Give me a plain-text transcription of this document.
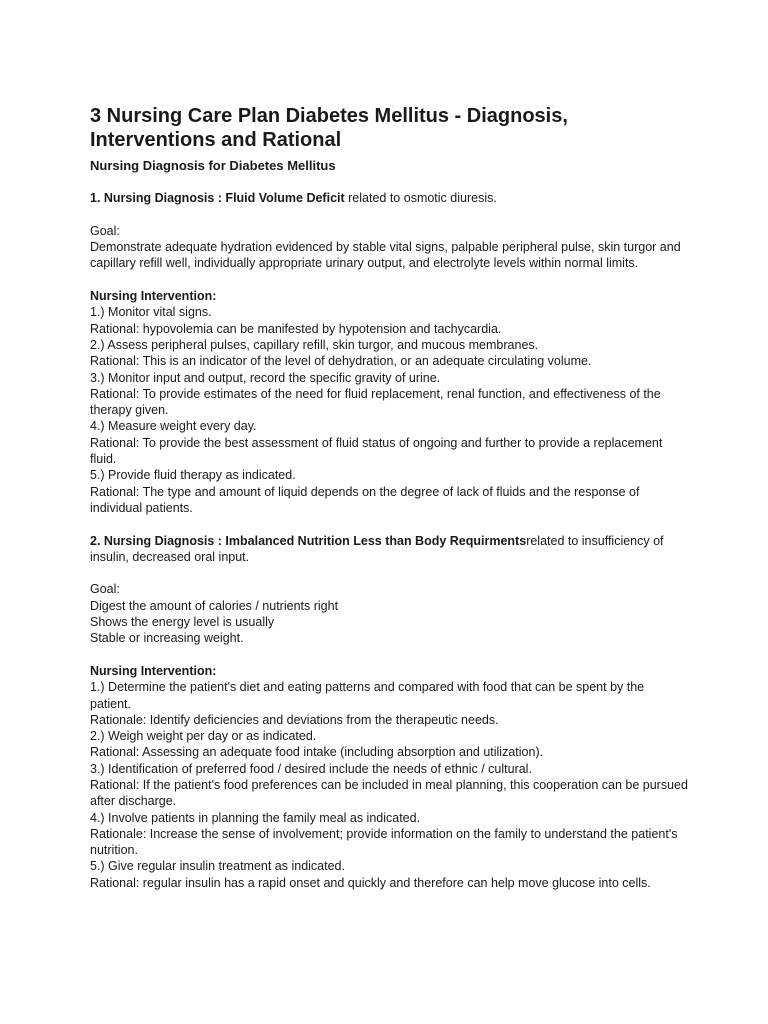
3 Nursing Care Plan Diabetes Mellitus - Diagnosis, Interventions and Rational

Nursing Diagnosis for Diabetes Mellitus

1. Nursing Diagnosis : Fluid Volume Deficit related to osmotic diuresis.

Goal:

Demonstrate adequate hydration evidenced by stable vital signs, palpable peripheral pulse, skin turgor and capillary refill well, individually appropriate urinary output, and electrolyte levels within normal limits.

Nursing Intervention:

1.) Monitor vital signs.

Rational: hypovolemia can be manifested by hypotension and tachycardia.

2.) Assess peripheral pulses, capillary refill, skin turgor, and mucous membranes.

Rational: This is an indicator of the level of dehydration, or an adequate circulating volume.

3.) Monitor input and output, record the specific gravity of urine.

Rational: To provide estimates of the need for fluid replacement, renal function, and effectiveness of the therapy given.

4.) Measure weight every day.

Rational: To provide the best assessment of fluid status of ongoing and further to provide a replacement fluid.

5.) Provide fluid therapy as indicated.

Rational: The type and amount of liquid depends on the degree of lack of fluids and the response of individual patients.

2. Nursing Diagnosis : Imbalanced Nutrition Less than Body Requirmentsrelated to insufficiency of insulin, decreased oral input.

Goal:

Digest the amount of calories / nutrients right

Shows the energy level is usually

Stable or increasing weight.

Nursing Intervention:

1.) Determine the patient's diet and eating patterns and compared with food that can be spent by the patient.

Rationale: Identify deficiencies and deviations from the therapeutic needs.

2.) Weigh weight per day or as indicated.

Rational: Assessing an adequate food intake (including absorption and utilization).

3.) Identification of preferred food / desired include the needs of ethnic / cultural.

Rational: If the patient's food preferences can be included in meal planning, this cooperation can be pursued after discharge.

4.) Involve patients in planning the family meal as indicated.

Rationale: Increase the sense of involvement; provide information on the family to understand the patient's nutrition.

5.) Give regular insulin treatment as indicated.

Rational: regular insulin has a rapid onset and quickly and therefore can help move glucose into cells.
